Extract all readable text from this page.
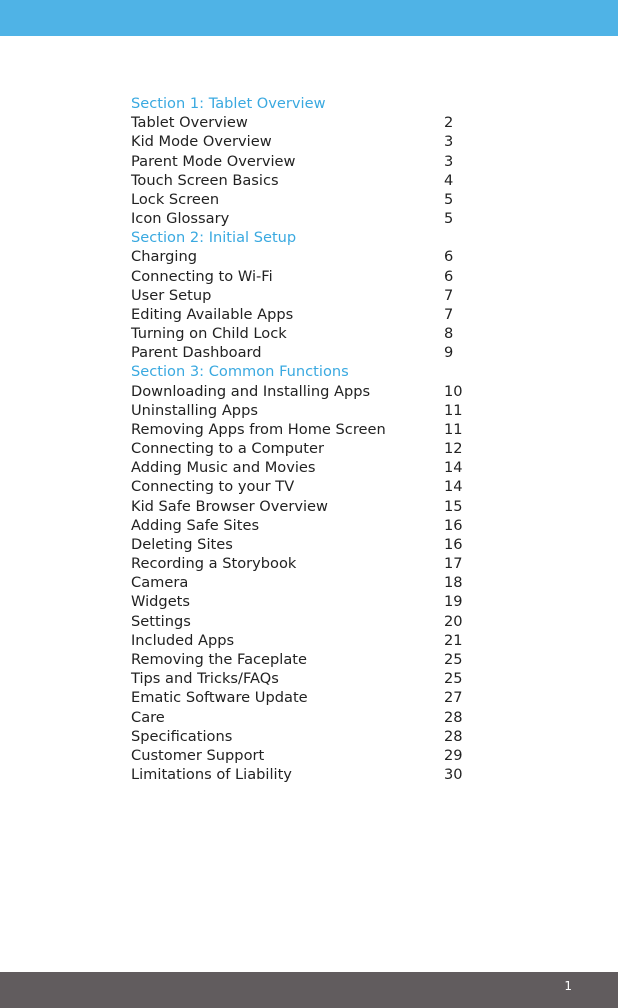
Section 1: Tablet Overview
Tablet Overview	2
Kid Mode Overview	3
Parent Mode Overview	3
Touch Screen Basics	4
Lock Screen	5
Icon Glossary	5
Section 2: Initial Setup
Charging	6
Connecting to Wi-Fi	6
User Setup	7
Editing Available Apps	7
Turning on Child Lock	8
Parent Dashboard	9
Section 3: Common Functions
Downloading and Installing Apps	10
Uninstalling Apps	11
Removing Apps from Home Screen	11
Connecting to a Computer	12
Adding Music and Movies	14
Connecting to your TV	14
Kid Safe Browser Overview	15
Adding Safe Sites	16
Deleting Sites	16
Recording a Storybook	17
Camera	18
Widgets	19
Settings	20
Included Apps	21
Removing the Faceplate	25
Tips and Tricks/FAQs	25
Ematic Software Update	27
Care	28
Specifications	28
Customer Support	29
Limitations of Liability	30
1
